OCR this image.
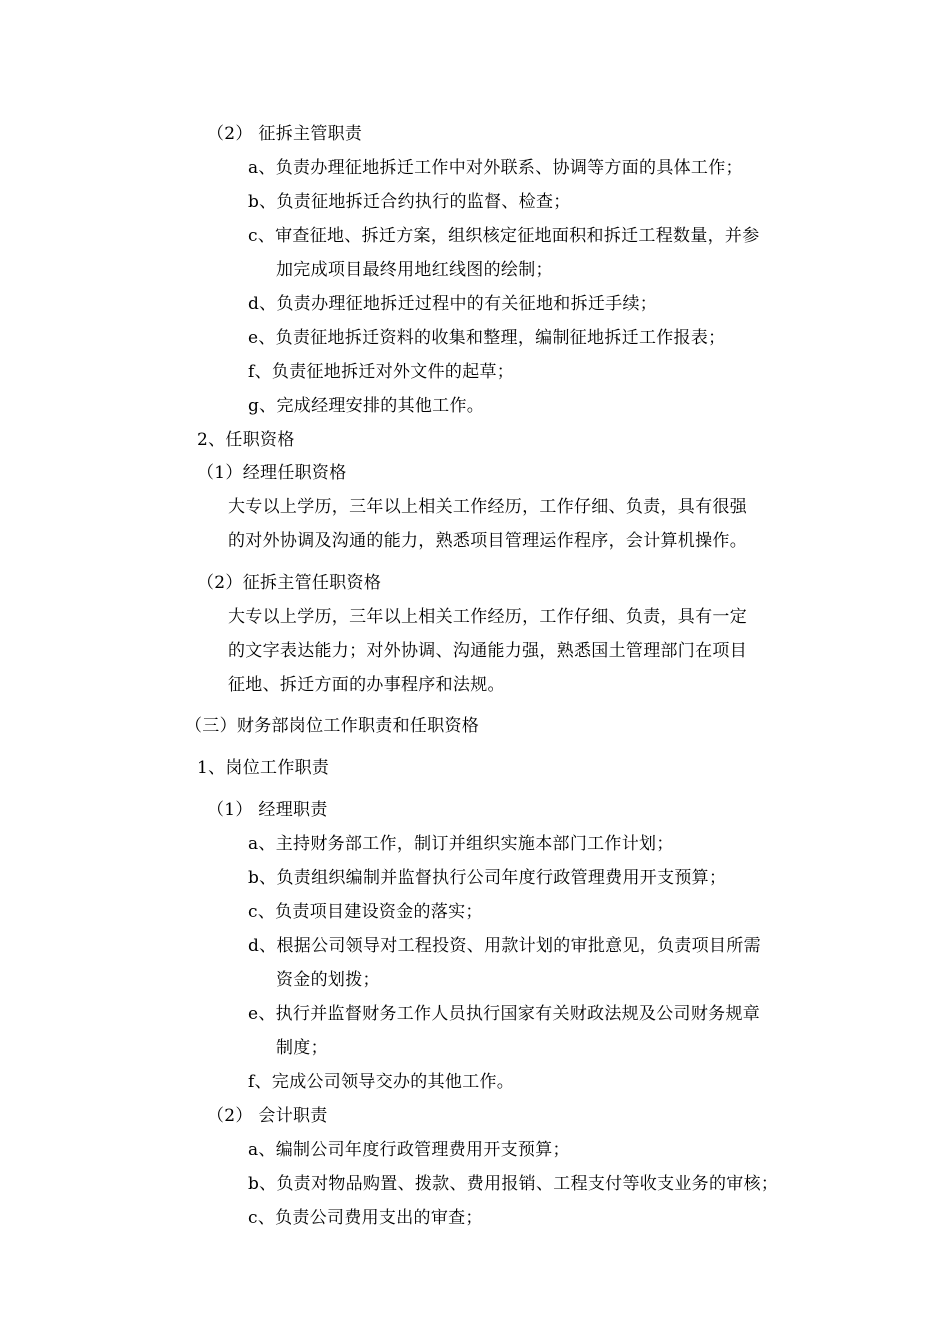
（2） 征拆主管职责
a、负责办理征地拆迁工作中对外联系、协调等方面的具体工作；
b、负责征地拆迁合约执行的监督、检查；
c、审查征地、拆迁方案，组织核定征地面积和拆迁工程数量，并参
加完成项目最终用地红线图的绘制；
d、负责办理征地拆迁过程中的有关征地和拆迁手续；
e、负责征地拆迁资料的收集和整理，编制征地拆迁工作报表；
f、负责征地拆迁对外文件的起草；
g、完成经理安排的其他工作。
2、任职资格
（1）经理任职资格
大专以上学历，三年以上相关工作经历，工作仔细、负责，具有很强
的对外协调及沟通的能力，熟悉项目管理运作程序，会计算机操作。
（2）征拆主管任职资格
大专以上学历，三年以上相关工作经历，工作仔细、负责，具有一定
的文字表达能力；对外协调、沟通能力强，熟悉国土管理部门在项目
征地、拆迁方面的办事程序和法规。
（三）财务部岗位工作职责和任职资格
1、岗位工作职责
（1） 经理职责
a、主持财务部工作，制订并组织实施本部门工作计划；
b、负责组织编制并监督执行公司年度行政管理费用开支预算；
c、负责项目建设资金的落实；
d、根据公司领导对工程投资、用款计划的审批意见，负责项目所需
资金的划拨；
e、执行并监督财务工作人员执行国家有关财政法规及公司财务规章
制度；
f、完成公司领导交办的其他工作。
（2） 会计职责
a、编制公司年度行政管理费用开支预算；
b、负责对物品购置、拨款、费用报销、工程支付等收支业务的审核；
c、负责公司费用支出的审查；
